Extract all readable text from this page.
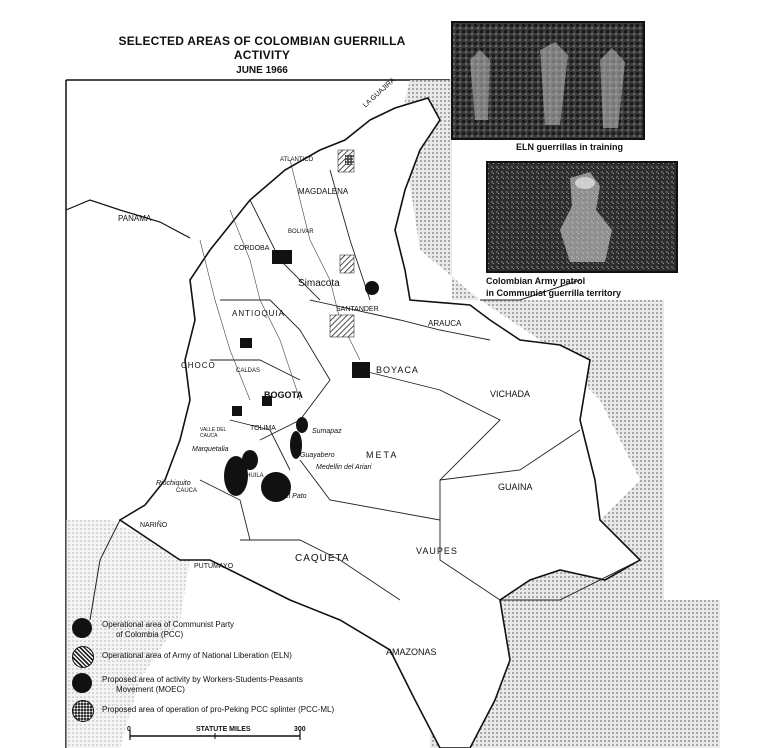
SELECTED AREAS OF COLOMBIAN GUERRILLA ACTIVITY
JUNE 1966
ELN guerrillas in training
Colombian Army patrol
in Communist guerrilla territory
LA GUAJIRA
ATLANTICO
MAGDALENA
PANAMA
CORDOBA
BOLIVAR
ANTIOQUIA	SANTANDER
ARAUCA
CHOCO
CALDAS	BOYACA
BOGOTA
TOLIMA
VALLE DEL CAUCA
HUILA
CAUCA
NARIÑO
PUTUMAYO
META
VICHADA
GUAINA
CAQUETA
VAUPES
AMAZONAS
Simacota
Sumapaz
Marquetalia
Guayabero
Medellin del Ariari
Riochiquito
El Pato
Operational area of Communist Party
of Colombia (PCC)
Operational area of Army of National Liberation (ELN)
Proposed area of activity by Workers-Students-Peasants
Movement (MOEC)
Proposed area of operation of pro-Peking PCC splinter (PCC-ML)
0	STATUTE MILES	300
